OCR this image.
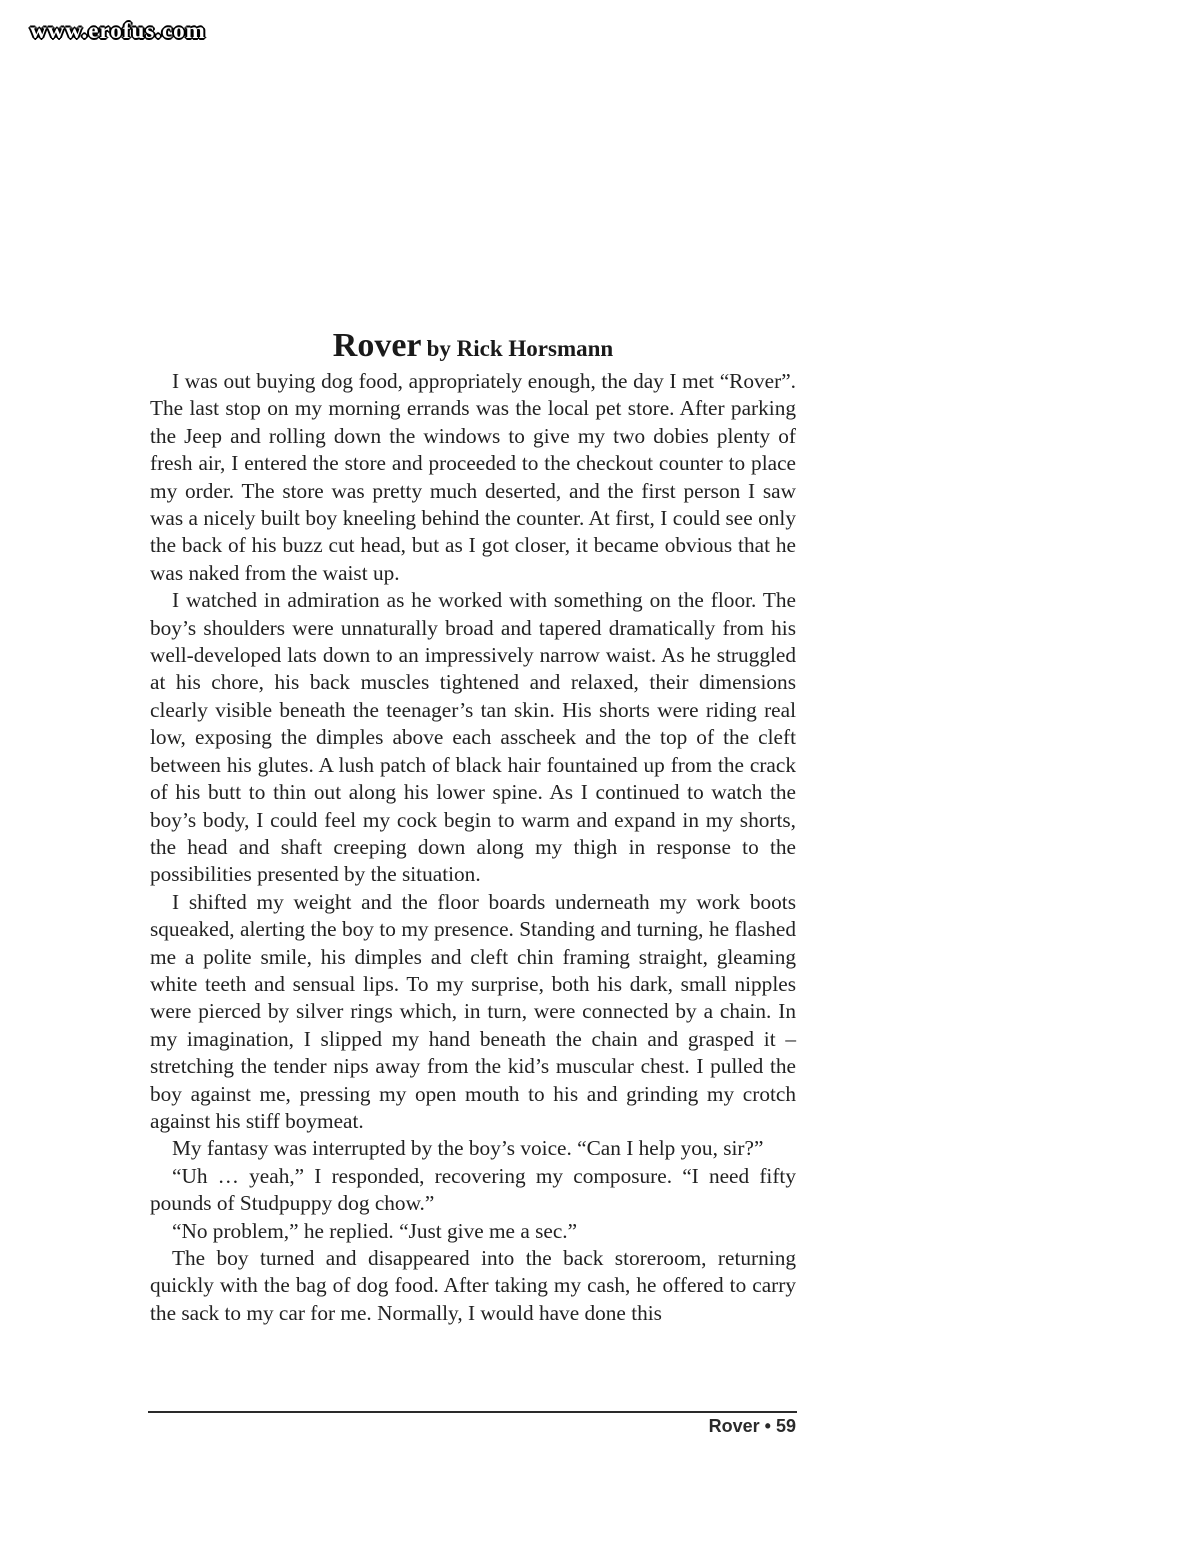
www.erofus.com
Rover by Rick Horsmann

I was out buying dog food, appropriately enough, the day I met “Rover”. The last stop on my morning errands was the local pet store. After parking the Jeep and rolling down the windows to give my two dobies plenty of fresh air, I entered the store and proceeded to the checkout counter to place my order. The store was pretty much deserted, and the first person I saw was a nicely built boy kneeling behind the counter. At first, I could see only the back of his buzz cut head, but as I got closer, it became obvious that he was naked from the waist up.

I watched in admiration as he worked with something on the floor. The boy’s shoulders were unnaturally broad and tapered dramatically from his well-developed lats down to an impressively narrow waist. As he struggled at his chore, his back muscles tightened and relaxed, their dimensions clearly visible beneath the teenager’s tan skin. His shorts were riding real low, exposing the dimples above each asscheek and the top of the cleft between his glutes. A lush patch of black hair fountained up from the crack of his butt to thin out along his lower spine. As I continued to watch the boy’s body, I could feel my cock begin to warm and expand in my shorts, the head and shaft creeping down along my thigh in response to the possibilities presented by the situation.

I shifted my weight and the floor boards underneath my work boots squeaked, alerting the boy to my presence. Standing and turning, he flashed me a polite smile, his dimples and cleft chin framing straight, gleaming white teeth and sensual lips. To my surprise, both his dark, small nipples were pierced by silver rings which, in turn, were connected by a chain. In my imagination, I slipped my hand beneath the chain and grasped it – stretching the tender nips away from the kid’s muscular chest. I pulled the boy against me, pressing my open mouth to his and grinding my crotch against his stiff boymeat.

My fantasy was interrupted by the boy’s voice. “Can I help you, sir?”

“Uh … yeah,” I responded, recovering my composure. “I need fifty pounds of Studpuppy dog chow.”

“No problem,” he replied. “Just give me a sec.”

The boy turned and disappeared into the back storeroom, returning quickly with the bag of dog food. After taking my cash, he offered to carry the sack to my car for me. Normally, I would have done this

Rover • 59
